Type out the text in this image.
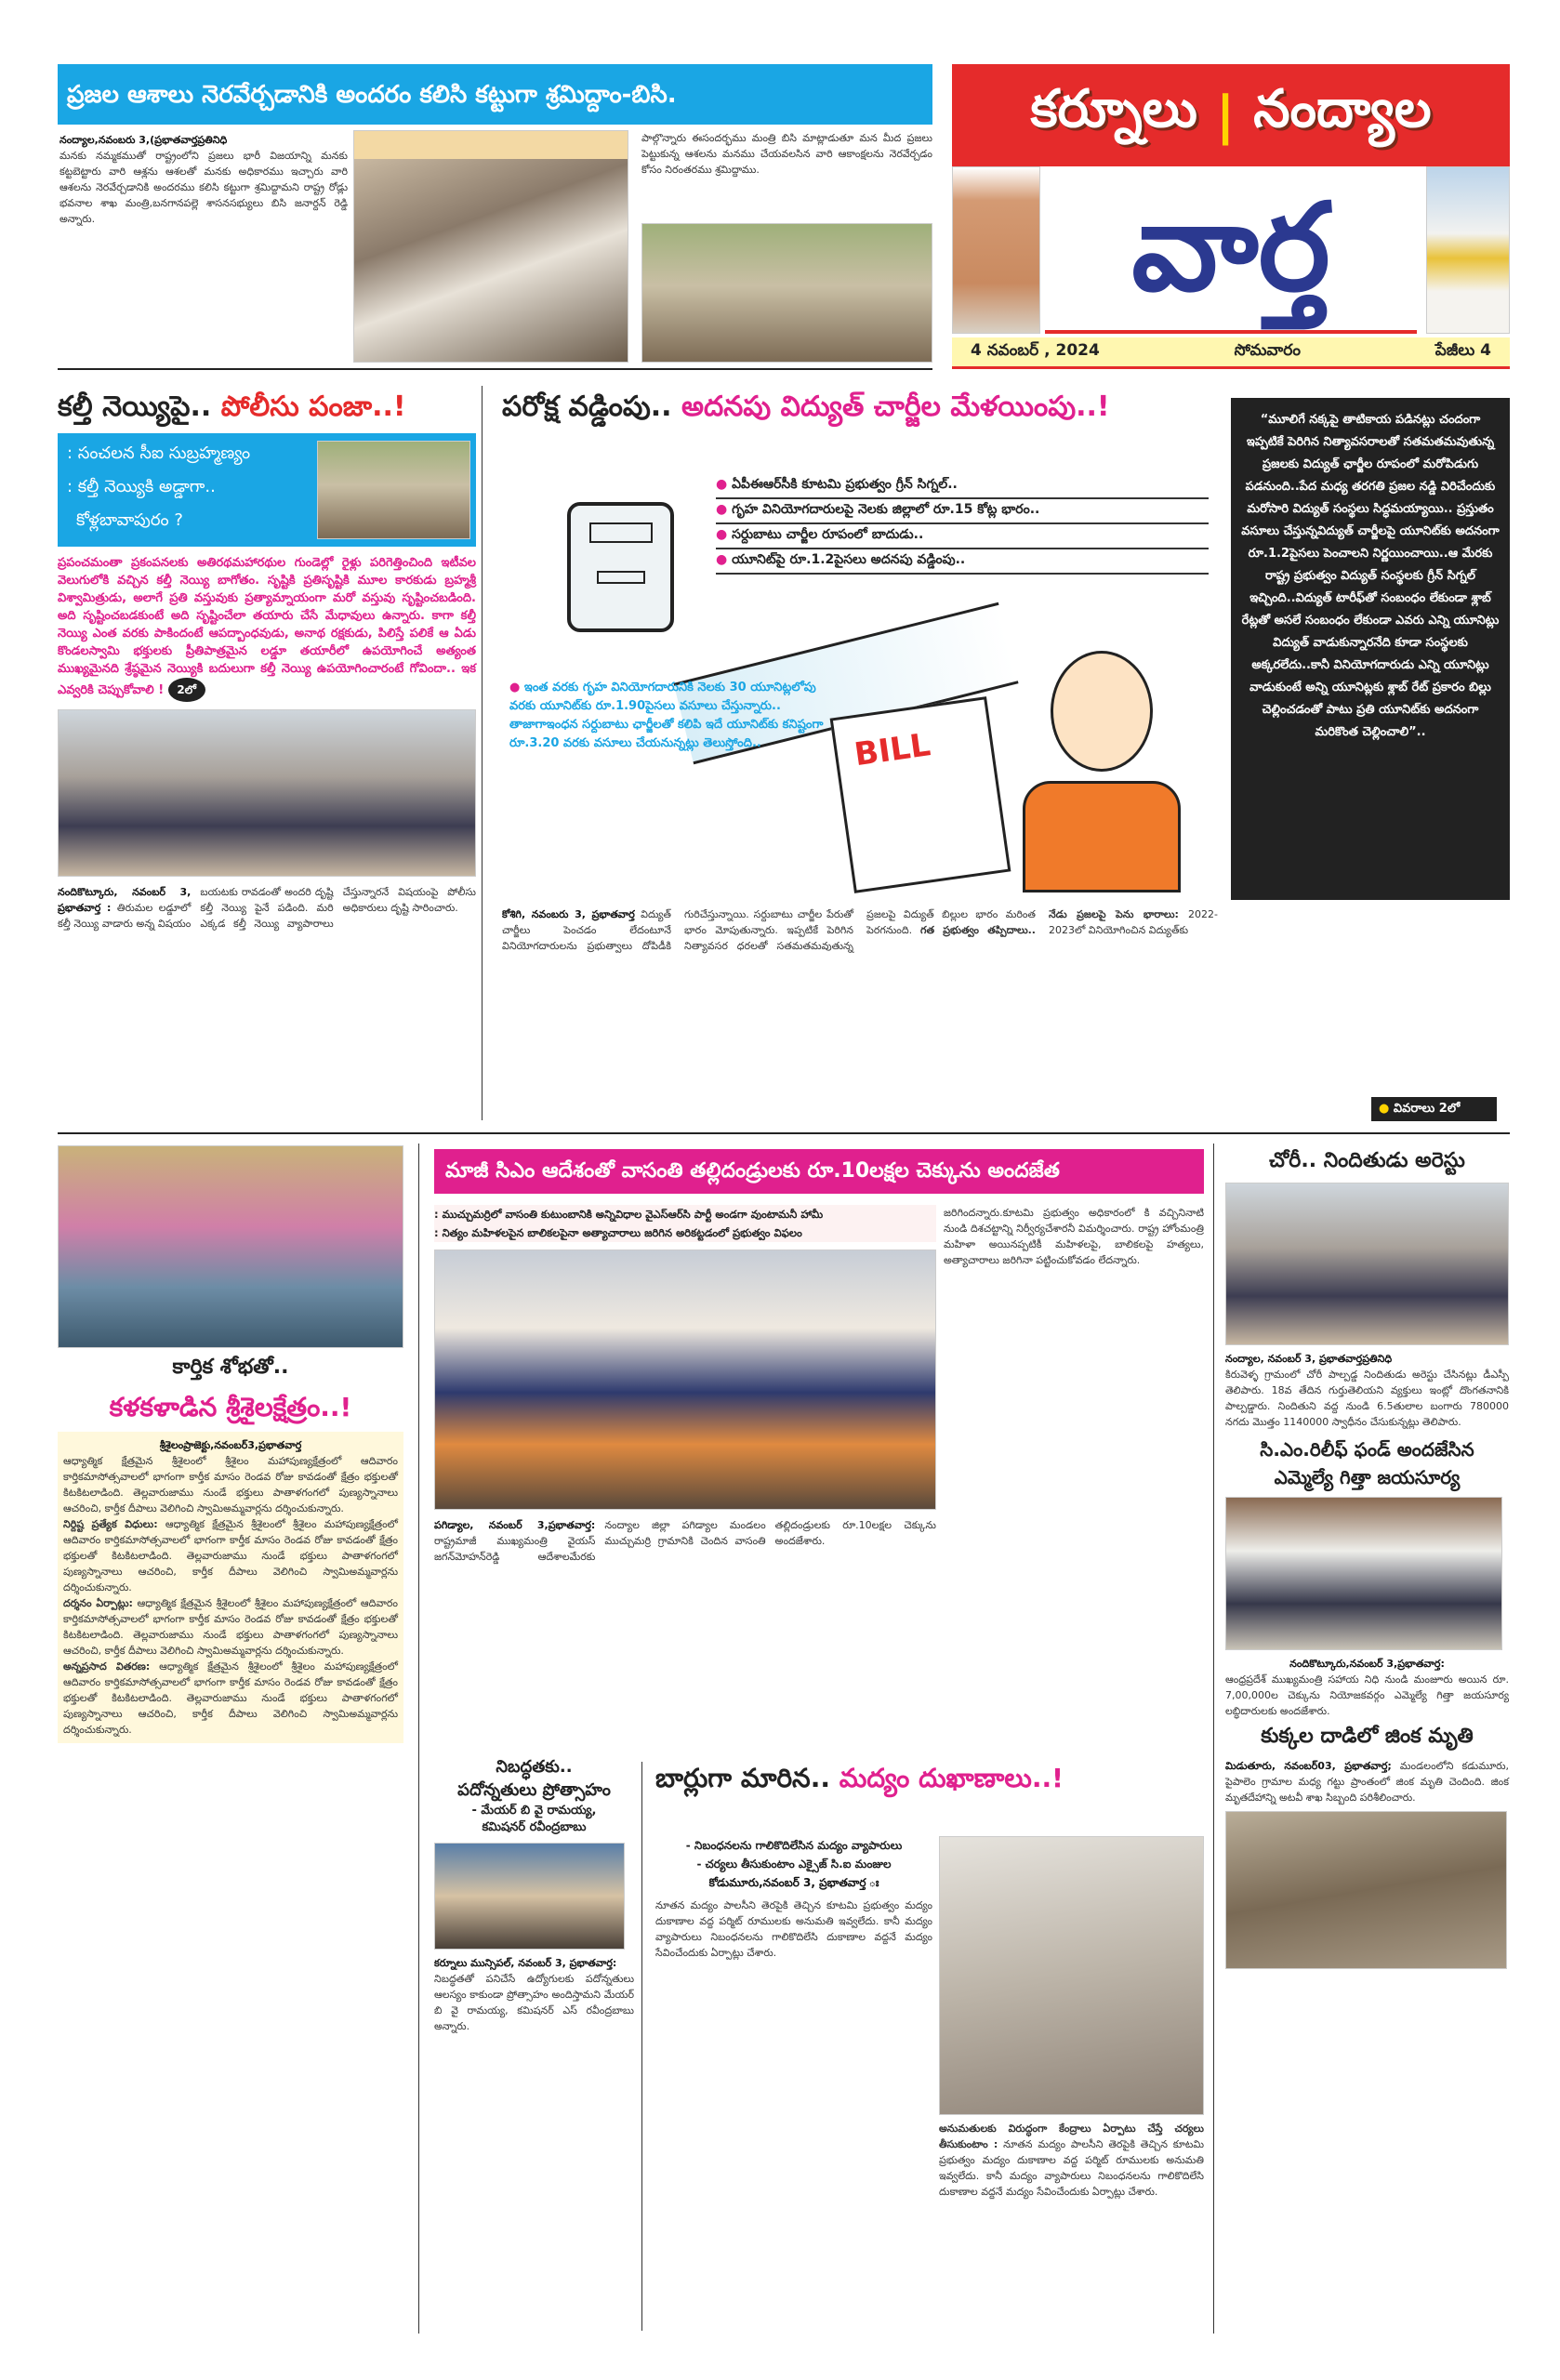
ప్రజల ఆశాలు నెరవేర్చడానికి అందరం కలిసి కట్టుగా శ్రమిద్దాం-బిసి.
నంద్యాల,నవంబరు 3,(ప్రభాతవార్తప్రతినిధి
మనకు నమ్మకముతో రాష్ట్రంలోని ప్రజలు భారీ విజయాన్ని మనకు కట్టబెట్టారు వారి ఆశ్లను ఆశలతో మనకు అధికారము ఇచ్చారు వారి ఆశలను నెరవేర్చడానికి అందరము కలిసి కట్టుగా శ్రమిద్దామని రాష్ట్ర రోడ్లు భవనాల శాఖ మంత్రి,బనగానపల్లె శాసనసభ్యులు బిసి జనార్దన్ రెడ్డి అన్నారు.
పాల్గొన్నారు ఈసందర్భము మంత్రి బిసి మాట్లాడుతూ మన మీద ప్రజలు పెట్టుకున్న ఆశలను మనము చేయవలసిన వారి ఆకాంక్షలను నెరవేర్చడం కోసం నిరంతరము శ్రమిద్దాము.
కర్నూలు | నంద్యాల
వార్త
4 నవంబర్ , 2024	సోమవారం	పేజీలు 4
కల్తీ నెయ్యిపై.. పోలీసు పంజా..!
: సంచలన సీఐ సుబ్రహ్మణ్యం
: కల్తీ నెయ్యికి అడ్డాగా..
కోళ్లబావాపురం ?
ప్రపంచమంతా ప్రకంపనలకు అతిరథమహారథుల గుండెల్లో రైళ్లు పరిగెత్తించింది ఇటీవల వెలుగులోకి వచ్చిన కల్తీ నెయ్యి బాగోతం. సృష్టికి ప్రతిసృష్టికి మూల కారకుడు బ్రహ్మశ్రీ విశ్వామిత్రుడు, అలాగే ప్రతి వస్తువుకు ప్రత్యామ్నాయంగా మరో వస్తువు సృష్టించబడింది. అది సృష్టించబడకుంటే అది సృష్టించేలా తయారు చేసే మేధావులు ఉన్నారు. కాగా కల్తీ నెయ్యి ఎంత వరకు పాకిందంటే ఆపద్బాంధవుడు, అనాథ రక్షకుడు, పిలిస్తే పలికే ఆ ఏడు కొండలస్వామి భక్తులకు ప్రీతిపాత్రమైన లడ్డూ తయారీలో ఉపయోగించే అత్యంత ముఖ్యమైనది శ్రేష్ఠమైన నెయ్యికి బదులుగా కల్తీ నెయ్యి ఉపయోగించారంటే గోవిందా.. ఇక ఎవ్వరికి చెప్పుకోవాలి ! 2లో
నందికొట్కూరు, నవంబర్ 3, ప్రభాతవార్త : తిరుమల లడ్డూలో కల్తీ నెయ్యి వాడారు అన్న విషయం బయటకు రావడంతో అందరి దృష్టి కల్తీ నెయ్యి పైనే పడింది. మరి ఎక్కడ కల్తీ నెయ్యి వ్యాపారాలు చేస్తున్నారనే విషయంపై పోలీసు అధికారులు దృష్టి సారించారు.
పరోక్ష వడ్డింపు.. అదనపు విద్యుత్ చార్జీల మేళయింపు..!
BILL
● ఏపీఈఆర్‌సీకి కూటమి ప్రభుత్వం గ్రీన్ సిగ్నల్..
● గృహ వినియోగదారులపై నెలకు జిల్లాలో రూ.15 కోట్ల భారం..
● సర్దుబాటు చార్జీల రూపంలో బాదుడు..
● యూనిట్‌పై రూ.1.2పైసలు అదనపు వడ్డింపు..
● ఇంత వరకు గృహ వినియోగదారునికి నెలకు 30 యూనిట్లలోపు వరకు యూనిట్‌కు రూ.1.90పైసలు వసూలు చేస్తున్నారు.. తాజాగాఇంధన సర్దుబాటు ఛార్జీలతో కలిపి ఇదే యూనిట్‌కు కనిష్టంగా రూ.3.20 వరకు వసూలు చేయనున్నట్లు తెలుస్తోంది..
కోశిగి, నవంబరు 3, ప్రభాతవార్త విద్యుత్ చార్జీలు పెంచడం లేదంటూనే వినియోగదారులను ప్రభుత్వాలు దోపిడీకి గురిచేస్తున్నాయి. సర్దుబాటు చార్జీల పేరుతో భారం మోపుతున్నారు. ఇప్పటికే పెరిగిన నిత్యావసర ధరలతో సతమతమవుతున్న ప్రజలపై విద్యుత్ బిల్లుల భారం మరింత పెరగనుంది. గత ప్రభుత్వం తప్పిదాలు.. నేడు ప్రజలపై పెను భారాలు: 2022-2023లో వినియోగించిన విద్యుత్‌కు
“మూలిగే నక్కపై తాటికాయ పడినట్లు చందంగా ఇప్పటికే పెరిగిన నిత్యావసరాలతో సతమతమవుతున్న ప్రజలకు విద్యుత్ ఛార్జీల రూపంలో మరోపిడుగు పడనుంది..పేద మధ్య తరగతి ప్రజల నడ్డి విరిచేందుకు మరోసారి విద్యుత్ సంస్థలు సిద్ధమయ్యాయి.. ప్రస్తుతం వసూలు చేస్తున్నవిద్యుత్ చార్జీలపై యూనిట్‌కు అదనంగా రూ.1.2పైసలు పెంచాలని నిర్ణయించాయి..ఆ మేరకు రాష్ట్ర ప్రభుత్వం విద్యుత్ సంస్థలకు గ్రీన్ సిగ్నల్ ఇచ్చింది..విద్యుత్ టారీఫ్‌తో సంబంధం లేకుండా శ్లాబ్ రేట్లతో అసలే సంబంధం లేకుండా ఎవరు ఎన్ని యూనిట్లు విద్యుత్ వాడుకున్నారనేది కూడా సంస్థలకు అక్కరలేదు..కానీ వినియోగదారుడు ఎన్ని యూనిట్లు వాడుకుంటే అన్ని యూనిట్లకు శ్లాబ్ రేట్ ప్రకారం బిల్లు చెల్లించడంతో పాటు ప్రతి యూనిట్‌కు అదనంగా మరికొంత చెల్లించాలి”..
● వివరాలు 2లో
కార్తిక శోభతో..
కళకళాడిన శ్రీశైలక్షేత్రం..!
శ్రీశైలంప్రాజెక్టు,నవంబర్3,ప్రభాతవార్త
ఆధ్యాత్మిక క్షేత్రమైన శ్రీశైలంలో శ్రీశైలం మహాపుణ్యక్షేత్రంలో ఆదివారం కార్తికమాసోత్సవాలలో భాగంగా కార్తీక మాసం రెండవ రోజు కావడంతో క్షేత్రం భక్తులతో కిటకిటలాడింది. తెల్లవారుజాము నుండే భక్తులు పాతాళగంగలో పుణ్యస్నానాలు ఆచరించి, కార్తీక దీపాలు వెలిగించి స్వామిఅమ్మవార్లను దర్శించుకున్నారు.
నిర్దిష్ట ప్రత్యేక విధులు: ఆధ్యాత్మిక క్షేత్రమైన శ్రీశైలంలో శ్రీశైలం మహాపుణ్యక్షేత్రంలో ఆదివారం కార్తికమాసోత్సవాలలో భాగంగా కార్తీక మాసం రెండవ రోజు కావడంతో క్షేత్రం భక్తులతో కిటకిటలాడింది. తెల్లవారుజాము నుండే భక్తులు పాతాళగంగలో పుణ్యస్నానాలు ఆచరించి, కార్తీక దీపాలు వెలిగించి స్వామిఅమ్మవార్లను దర్శించుకున్నారు.
దర్శనం ఏర్పాట్లు: ఆధ్యాత్మిక క్షేత్రమైన శ్రీశైలంలో శ్రీశైలం మహాపుణ్యక్షేత్రంలో ఆదివారం కార్తికమాసోత్సవాలలో భాగంగా కార్తీక మాసం రెండవ రోజు కావడంతో క్షేత్రం భక్తులతో కిటకిటలాడింది. తెల్లవారుజాము నుండే భక్తులు పాతాళగంగలో పుణ్యస్నానాలు ఆచరించి, కార్తీక దీపాలు వెలిగించి స్వామిఅమ్మవార్లను దర్శించుకున్నారు.
అన్నప్రసాద వితరణ: ఆధ్యాత్మిక క్షేత్రమైన శ్రీశైలంలో శ్రీశైలం మహాపుణ్యక్షేత్రంలో ఆదివారం కార్తికమాసోత్సవాలలో భాగంగా కార్తీక మాసం రెండవ రోజు కావడంతో క్షేత్రం భక్తులతో కిటకిటలాడింది. తెల్లవారుజాము నుండే భక్తులు పాతాళగంగలో పుణ్యస్నానాలు ఆచరించి, కార్తీక దీపాలు వెలిగించి స్వామిఅమ్మవార్లను దర్శించుకున్నారు.
మాజీ సిఎం ఆదేశంతో వాసంతి తల్లిదండ్రులకు రూ.10లక్షల చెక్కును అందజేత
: ముచ్చుమర్రిలో వాసంతి కుటుంబానికి అన్నివిధాల వైఎస్ఆర్‌సి పార్టీ అండగా వుంటామనీ హామీ
: నిత్యం మహిళలపైన బాలికలపైనా అత్యాచారాలు జరిగిన అరికట్టడంలో ప్రభుత్వం విఫలం
పగిడ్యాల, నవంబర్ 3,ప్రభాతవార్త: రాష్ట్రమాజీ ముఖ్యమంత్రి వైయస్ జగన్‌మోహన్‌రెడ్డి ఆదేశాలమేరకు నంద్యాల జిల్లా పగిడ్యాల మండలం ముచ్చుమర్రి గ్రామానికి చెందిన వాసంతి తల్లిదండ్రులకు రూ.10లక్షల చెక్కును అందజేశారు.
జరిగిందన్నారు.కూటమి ప్రభుత్వం అధికారంలో కి వచ్చినినాటి నుండి దిశచట్టాన్ని నిర్వీర్యచేశారనీ విమర్శించారు. రాష్ట్ర హోంమంత్రి మహిళా అయినప్పటికీ మహిళలపై, బాలికలపై హత్యలు, అత్యాచారాలు జరిగినా పట్టించుకోవడం లేదన్నారు.
నిబద్ధతకు..
పదోన్నతులు ప్రోత్సాహం
- మేయర్ బి వై రామయ్య,
కమిషనర్ రవీంద్రబాబు
కర్నూలు మున్సిపల్, నవంబర్ 3, ప్రభాతవార్త:
నిబద్ధతతో పనిచేసే ఉద్యోగులకు పదోన్నతులు ఆలస్యం కాకుండా ప్రోత్సాహం అందిస్తామని మేయర్ బి వై రామయ్య, కమిషనర్ ఎస్ రవీంద్రబాబు అన్నారు.
బార్లుగా మారిన.. మద్యం దుఖాణాలు..!
- నిబంధనలను గాలికొదిలేసిన మద్యం వ్యాపారులు
- చర్యలు తీసుకుంటాం ఎక్సైజ్ సి.ఐ మంజుల
కోడుమూరు,నవంబర్ 3, ప్రభాతవార్త ః
నూతన మద్యం పాలసీని తెరపైకి తెచ్చిన కూటమి ప్రభుత్వం మద్యం దుకాణాల వద్ద పర్మిట్ రూములకు అనుమతి ఇవ్వలేదు. కానీ మద్యం వ్యాపారులు నిబంధనలను గాలికొదిలేసి దుకాణాల వద్దనే మద్యం సేవించేందుకు ఏర్పాట్లు చేశారు.
అనుమతులకు విరుద్ధంగా కేంద్రాలు ఏర్పాటు చేస్తే చర్యలు తీసుకుంటాం : నూతన మద్యం పాలసీని తెరపైకి తెచ్చిన కూటమి ప్రభుత్వం మద్యం దుకాణాల వద్ద పర్మిట్ రూములకు అనుమతి ఇవ్వలేదు. కానీ మద్యం వ్యాపారులు నిబంధనలను గాలికొదిలేసి దుకాణాల వద్దనే మద్యం సేవించేందుకు ఏర్పాట్లు చేశారు.
చోరీ.. నిందితుడు అరెస్టు
నంద్యాల, నవంబర్ 3, ప్రభాతవార్తప్రతినిధి
కిరువెళ్ళ గ్రామంలో చోరీ పాల్పడ్డ నిందితుడు అరెస్టు చేసినట్లు డీఎస్పీ తెలిపారు. 18వ తేదిన గుర్తుతెలియని వ్యక్తులు ఇంట్లో దొంగతనానికి పాల్పడ్డారు. నిందితుని వద్ద నుండి 6.5తులాల బంగారు 780000 నగదు మొత్తం 1140000 స్వాధీనం చేసుకున్నట్లు తెలిపారు.
సి.ఎం.రిలీఫ్ ఫండ్ అందజేసిన
ఎమ్మెల్యే గిత్తా జయసూర్య
నందికొట్కూరు,నవంబర్ 3,ప్రభాతవార్త:
ఆంధ్రప్రదేశ్ ముఖ్యమంత్రి సహాయ నిధి నుండి మంజూరు అయిన రూ. 7,00,000ల చెక్కును నియోజకవర్గం ఎమ్మెల్యే గిత్తా జయసూర్య లబ్ధిదారులకు అందజేశారు.
కుక్కల దాడిలో జింక మృతి
మిడుతూరు, నవంబర్03, ప్రభాతవార్త; మండలంలోని కడుమూరు, పైపాలెం గ్రామాల మధ్య గట్టు ప్రాంతంలో జింక మృతి చెందింది. జింక మృతదేహాన్ని అటవీ శాఖ సిబ్బంది పరిశీలించారు.
